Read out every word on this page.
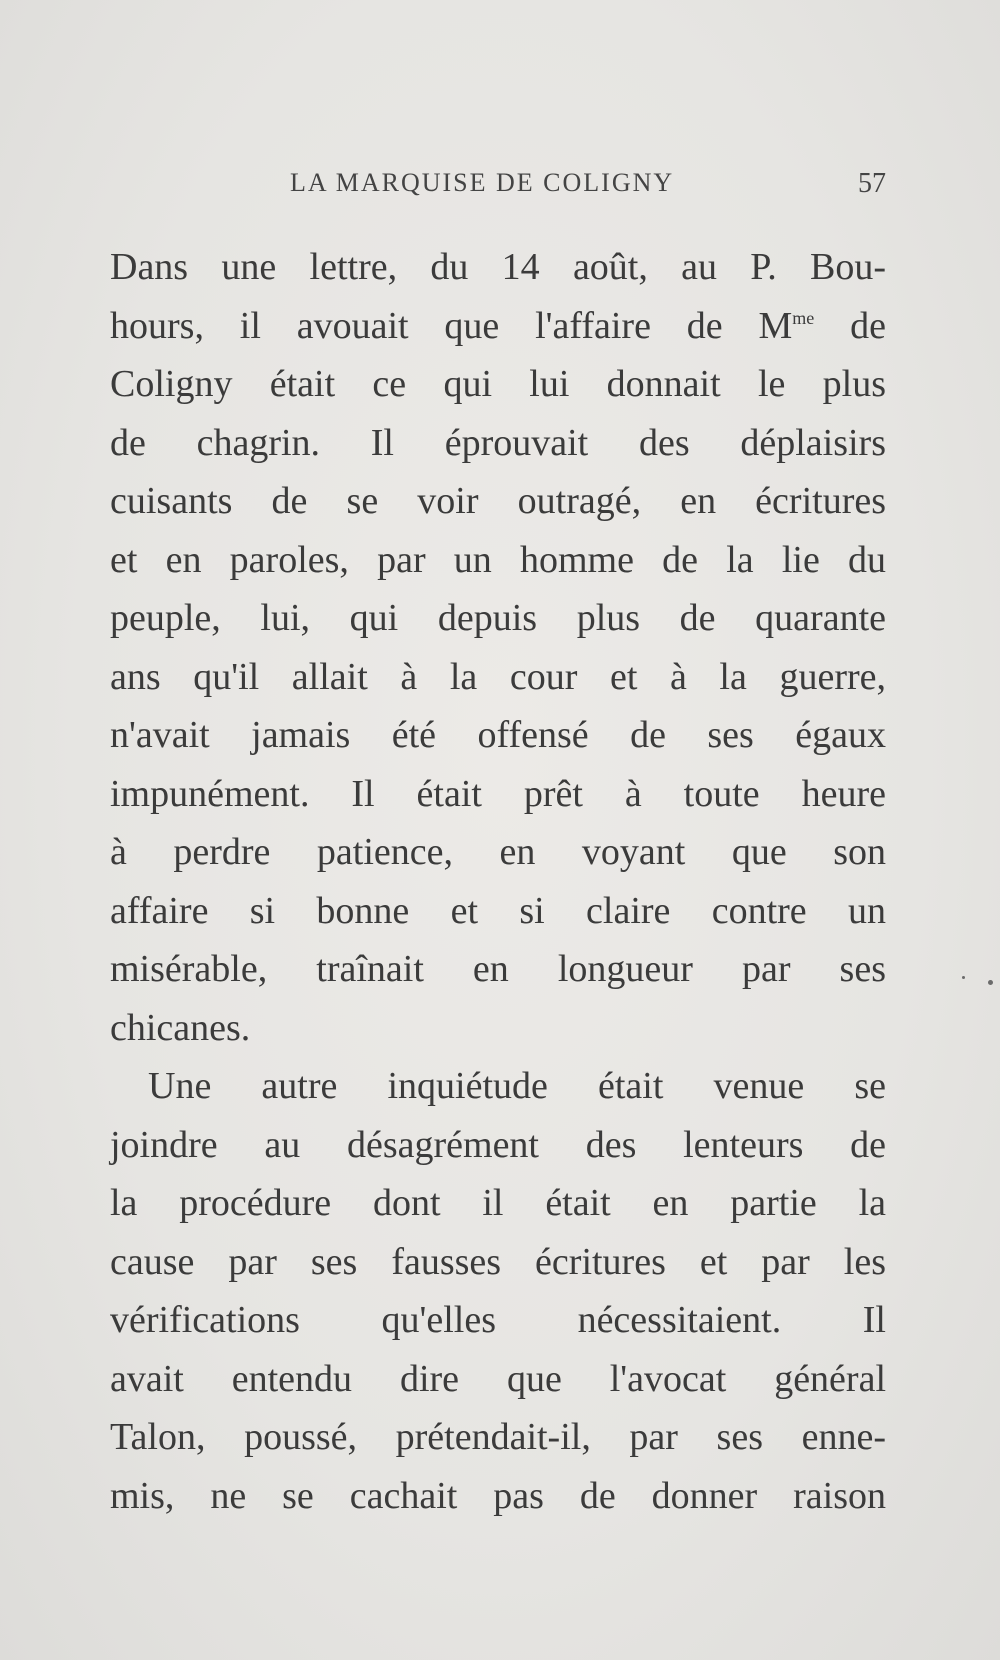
LA MARQUISE DE COLIGNY	57
Dans une lettre, du 14 août, au P. Bou-
hours, il avouait que l'affaire de $M^{me}$ de
Coligny était ce qui lui donnait le plus
de chagrin. Il éprouvait des déplaisirs
cuisants de se voir outragé, en écritures
et en paroles, par un homme de la lie du
peuple, lui, qui depuis plus de quarante
ans qu'il allait à la cour et à la guerre,
n'avait jamais été offensé de ses égaux
impunément. Il était prêt à toute heure
à perdre patience, en voyant que son
affaire si bonne et si claire contre un
misérable, traînait en longueur par ses
chicanes.
Une autre inquiétude était venue se
joindre au désagrément des lenteurs de
la procédure dont il était en partie la
cause par ses fausses écritures et par les
vérifications qu'elles nécessitaient. Il
avait entendu dire que l'avocat général
Talon, poussé, prétendait-il, par ses enne-
mis, ne se cachait pas de donner raison
